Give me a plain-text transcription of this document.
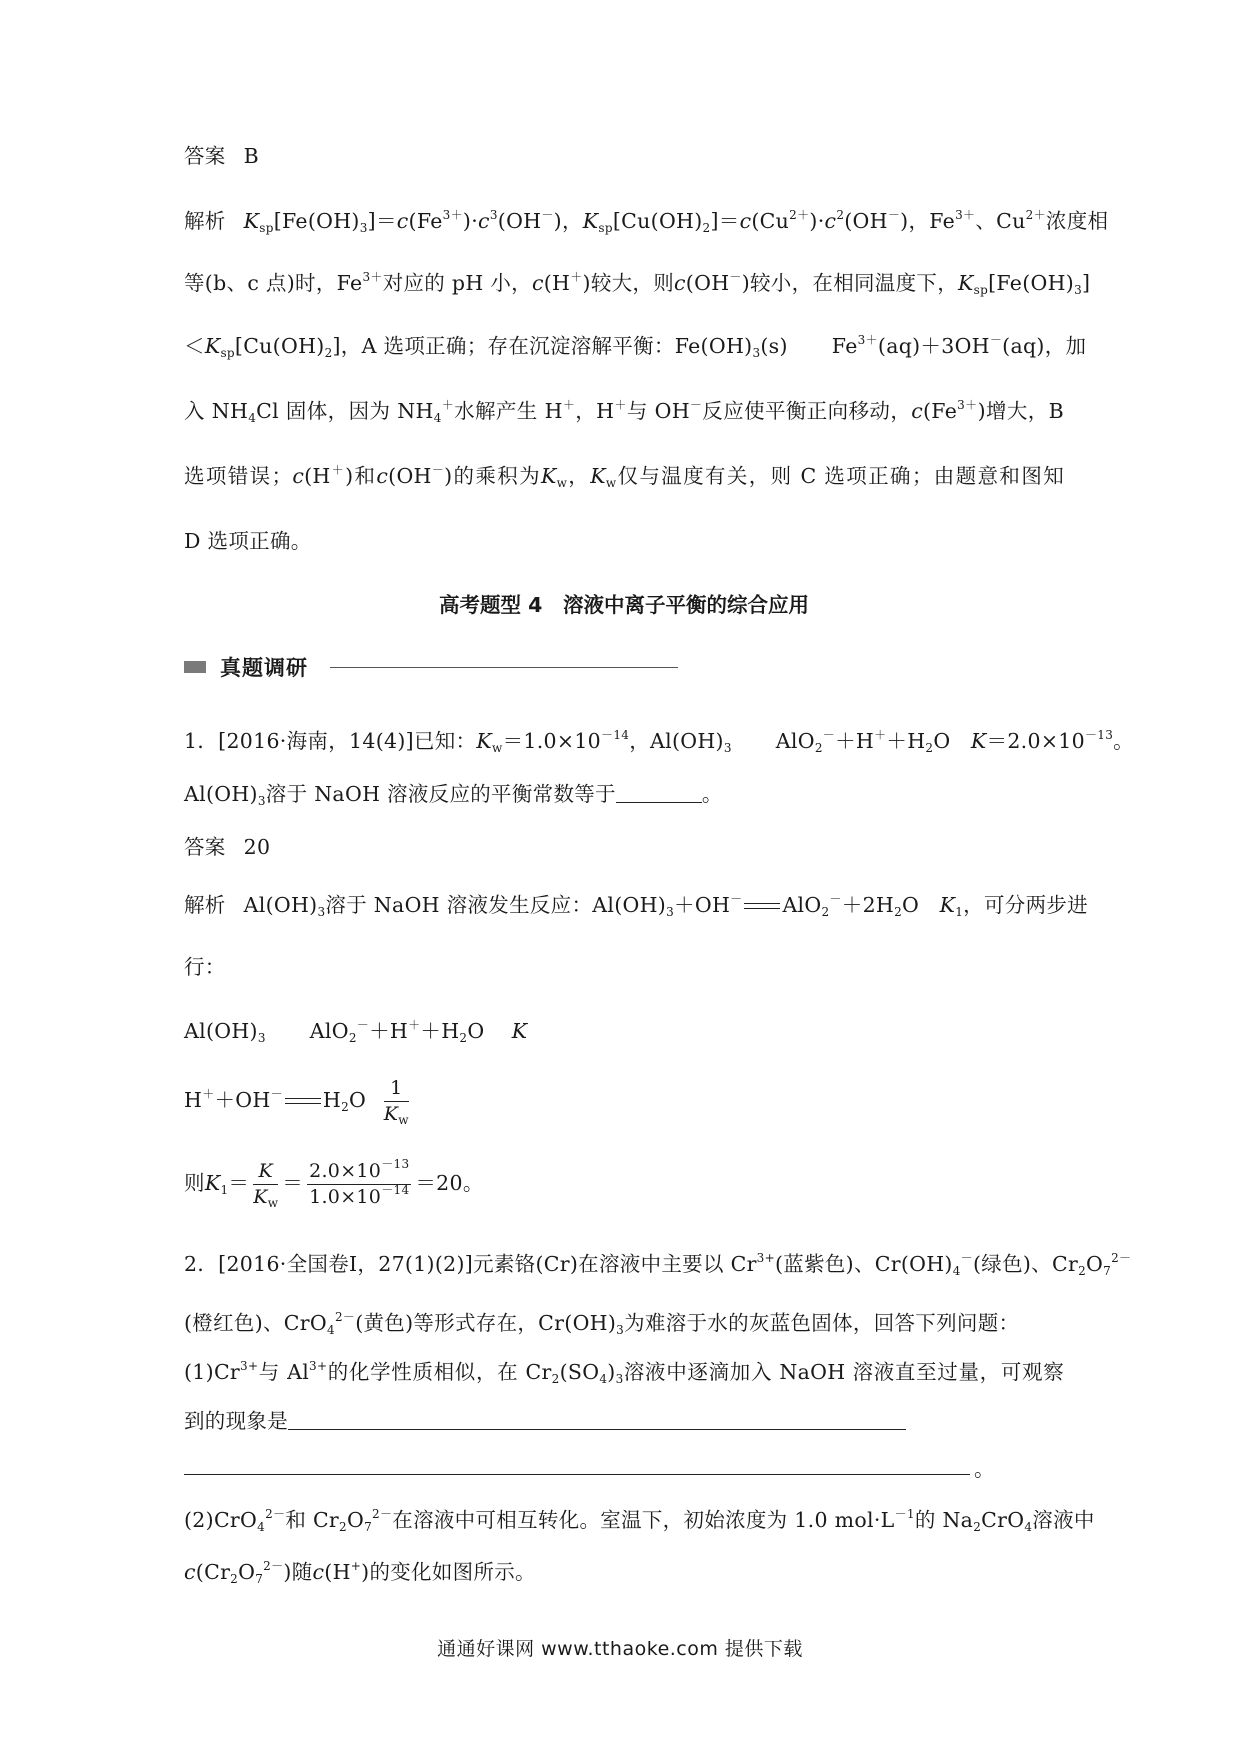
答案 B
解析 $K_{sp}[Fe(OH)_3]=c(Fe^{3+})\cdot c^3(OH^-)$，$K_{sp}[Cu(OH)_2]=c(Cu^{2+})\cdot c^2(OH^-)$，$Fe^{3+}$、$Cu^{2+}$浓度相
等(b、c 点)时，$Fe^{3+}$对应的 pH 小，c(H＋)较大，则c(OH－)较小，在相同温度下，$K_{sp}[Fe(OH)_3]$
$<K_{sp}[Cu(OH)_2]$，A 选项正确；存在沉淀溶解平衡：$Fe(OH)_3(s)$ $Fe^{3+}(aq)+3OH^-(aq)$，加
入 $NH_4Cl$ 固体，因为 $NH_4^+$水解产生 H＋，H＋与 OH－反应使平衡正向移动，$c(Fe^{3+})$增大，B
选项错误；c(H＋)和c(OH－)的乘积为$K_w$，$K_w$仅与温度有关，则 C 选项正确；由题意和图知
D 选项正确。
高考题型 4　溶液中离子平衡的综合应用
真题调研
1．[2016·海南，14(4)]已知：$K_w=1.0\times 10^{-14}$，$Al(OH)_3$ $AlO_2^-+H^++H_2O$ $K=2.0\times 10^{-13}$。
$Al(OH)_3$溶于 NaOH 溶液反应的平衡常数等于	。
答案 20
解析 $Al(OH)_3$溶于 NaOH 溶液发生反应：$Al(OH)_3+OH^-$ $AlO_2^-+2H_2O$ $K_1$，可分两步进
行：
$Al(OH)_3$ $AlO_2^-+H^++H_2O$ K
H＋＋OH－ $H_2O \frac{1}{K_w}$
则$K_1= \frac{K}{K_w} = \frac{2.0\times 10^{-13}}{1.0\times 10^{-14}} =20$。
2．[2016·全国卷Ⅰ，27(1)(2)]元素铬(Cr)在溶液中主要以 $Cr^{3+}$(蓝紫色)、$Cr(OH)_4^-$(绿色)、$Cr_2O_7^{2-}$
(橙红色)、CrO$_4^{2-}$(黄色)等形式存在，$Cr(OH)_3$为难溶于水的灰蓝色固体，回答下列问题：
$(1)Cr^{3+}$与 $Al^{3+}$的化学性质相似，在 $Cr_2(SO_4)_3$溶液中逐滴加入 NaOH 溶液直至过量，可观察
到的现象是
。
(2)CrO$_4^{2-}$和 $Cr_2O_7^{2-}$在溶液中可相互转化。室温下，初始浓度为 1.0 $mol\cdot L^{-1}$的 $Na_2CrO_4$溶液中
$c(Cr_2O_7^{2-})$随c(H+)的变化如图所示。
通通好课网 www.tthaoke.com 提供下载
